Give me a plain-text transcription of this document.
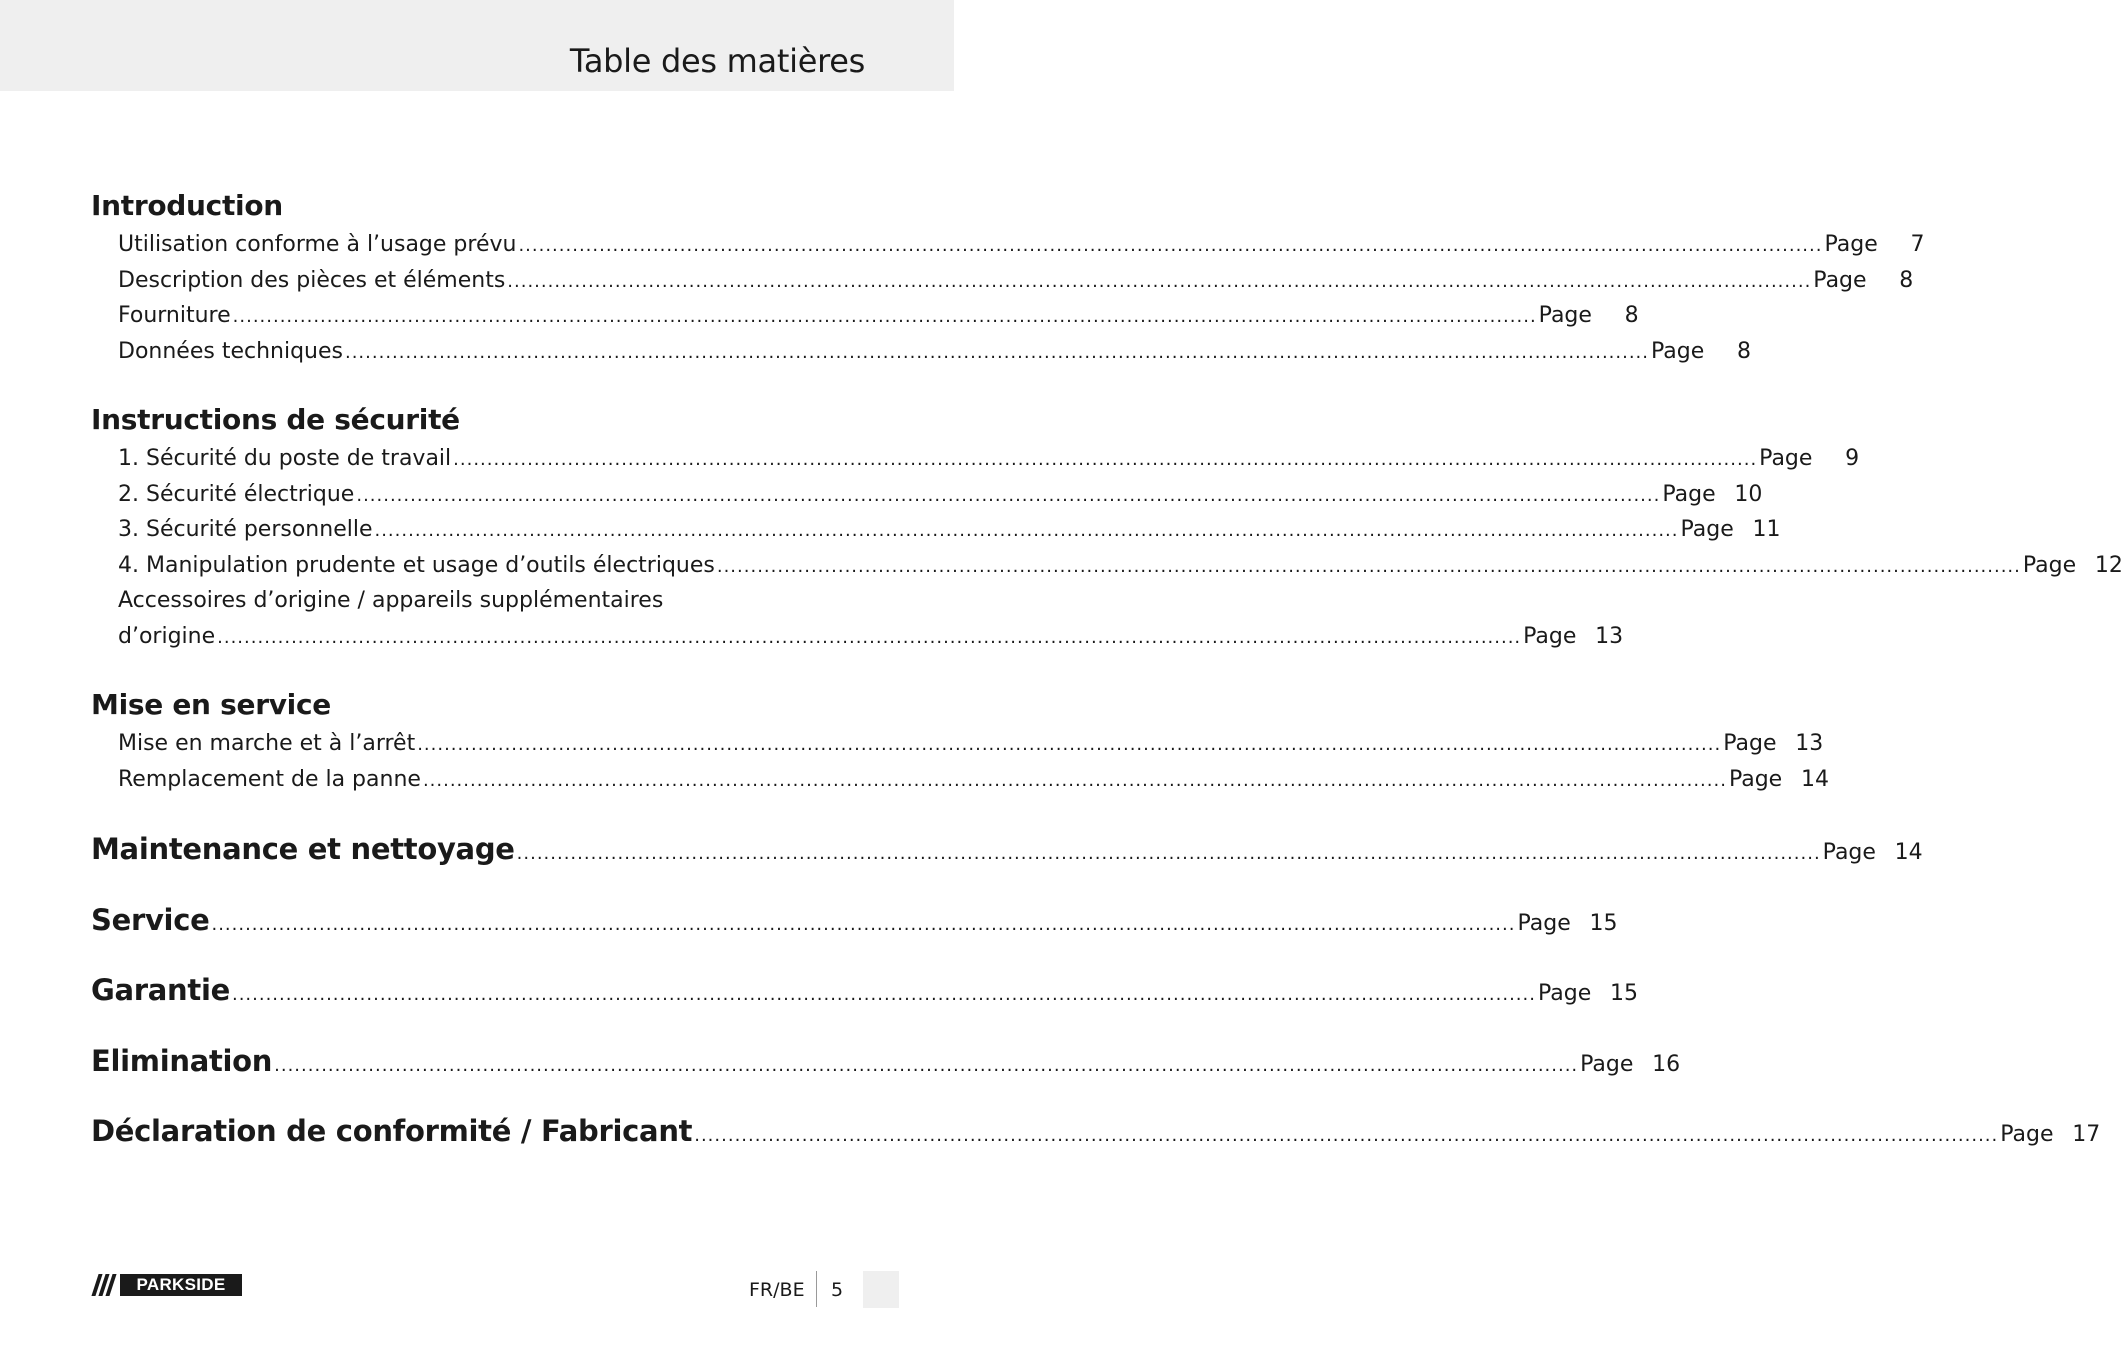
Table des matières
Introduction
Utilisation conforme à l’usage prévu .................................................................................................................................................................................................. Page	7
Description des pièces et éléments .................................................................................................................................................................................................. Page	8
Fourniture .................................................................................................................................................................................................. Page	8
Données techniques .................................................................................................................................................................................................. Page	8
Instructions de sécurité
1. Sécurité du poste de travail .................................................................................................................................................................................................. Page	9
2. Sécurité électrique .................................................................................................................................................................................................. Page 10
3. Sécurité personnelle .................................................................................................................................................................................................. Page 11
4. Manipulation prudente et usage d’outils électriques .................................................................................................................................................................................................. Page 12
Accessoires d’origine / appareils supplémentaires
d’origine .................................................................................................................................................................................................. Page 13
Mise en service
Mise en marche et à l’arrêt .................................................................................................................................................................................................. Page 13
Remplacement de la panne .................................................................................................................................................................................................. Page 14
Maintenance et nettoyage .................................................................................................................................................................................................. Page 14
Service .................................................................................................................................................................................................. Page 15
Garantie .................................................................................................................................................................................................. Page 15
Elimination .................................................................................................................................................................................................. Page 16
Déclaration de conformité / Fabricant .................................................................................................................................................................................................. Page 17
PARKSIDE	FR/BE 5
